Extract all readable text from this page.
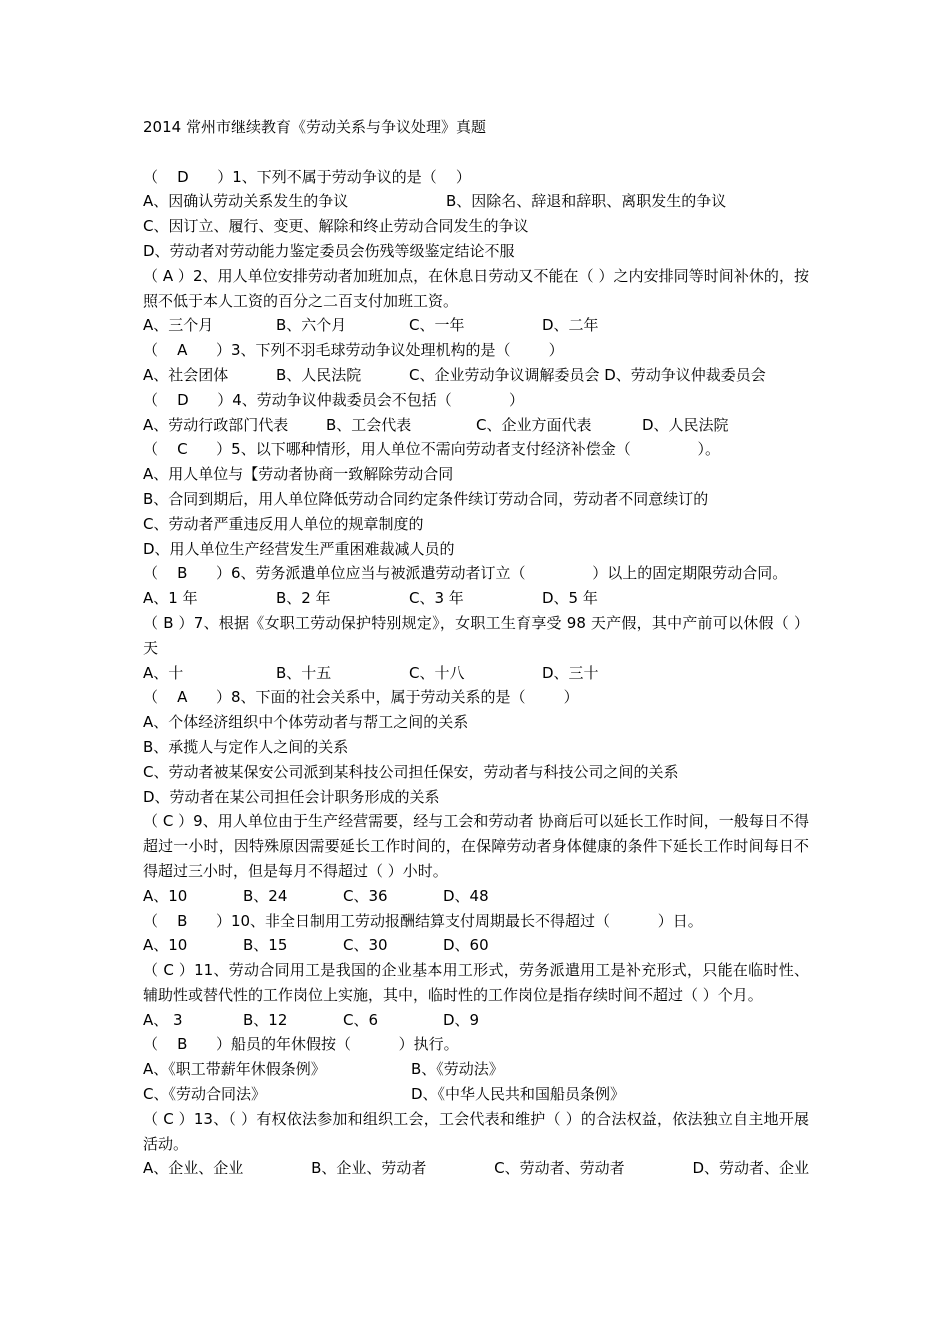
2014 常州市继续教育《劳动关系与争议处理》真题
（    D      ）1、下列不属于劳动争议的是（    ）
A、因确认劳动关系发生的争议	B、因除名、辞退和辞职、离职发生的争议
C、因订立、履行、变更、解除和终止劳动合同发生的争议
D、劳动者对劳动能力鉴定委员会伤残等级鉴定结论不服
（ A ）2、用人单位安排劳动者加班加点，在休息日劳动又不能在（ ）之内安排同等时间补休的，按照不低于本人工资的百分之二百支付加班工资。
A、三个月	B、六个月	C、一年	D、二年
（    A      ）3、下列不羽毛球劳动争议处理机构的是（        ）
A、社会团体	B、人民法院	C、企业劳动争议调解委员会 D、劳动争议仲裁委员会
（    D      ）4、劳动争议仲裁委员会不包括（            ）
A、劳动行政部门代表	B、工会代表	C、企业方面代表	D、人民法院
（    C      ）5、以下哪种情形，用人单位不需向劳动者支付经济补偿金（              ）。
A、用人单位与【劳动者协商一致解除劳动合同
B、合同到期后，用人单位降低劳动合同约定条件续订劳动合同，劳动者不同意续订的
C、劳动者严重违反用人单位的规章制度的
D、用人单位生产经营发生严重困难裁减人员的
（    B      ）6、劳务派遣单位应当与被派遣劳动者订立（              ）以上的固定期限劳动合同。
A、1 年	B、2 年	C、3 年	D、5 年
（ B ）7、根据《女职工劳动保护特别规定》，女职工生育享受 98 天产假，其中产前可以休假（ ）天
A、十	B、十五	C、十八	D、三十
（    A      ）8、下面的社会关系中，属于劳动关系的是（        ）
A、个体经济组织中个体劳动者与帮工之间的关系
B、承揽人与定作人之间的关系
C、劳动者被某保安公司派到某科技公司担任保安，劳动者与科技公司之间的关系
D、劳动者在某公司担任会计职务形成的关系
（ C ）9、用人单位由于生产经营需要，经与工会和劳动者 协商后可以延长工作时间，一般每日不得超过一小时，因特殊原因需要延长工作时间的，在保障劳动者身体健康的条件下延长工作时间每日不得超过三小时，但是每月不得超过（ ）小时。
A、10	B、24	C、36	D、48
（    B      ）10、非全日制用工劳动报酬结算支付周期最长不得超过（          ）日。
A、10	B、15	C、30	D、60
（ C ）11、劳动合同用工是我国的企业基本用工形式，劳务派遣用工是补充形式，只能在临时性、辅助性或替代性的工作岗位上实施，其中，临时性的工作岗位是指存续时间不超过（ ）个月。
A、 3	B、12	C、6	D、9
（    B      ）船员的年休假按（          ）执行。
A、《职工带薪年休假条例》	B、《劳动法》
C、《劳动合同法》	D、《中华人民共和国船员条例》
（ C ）13、（ ）有权依法参加和组织工会，工会代表和维护（ ）的合法权益，依法独立自主地开展活动。
A、企业、企业	B、企业、劳动者	C、劳动者、劳动者	D、劳动者、企业
